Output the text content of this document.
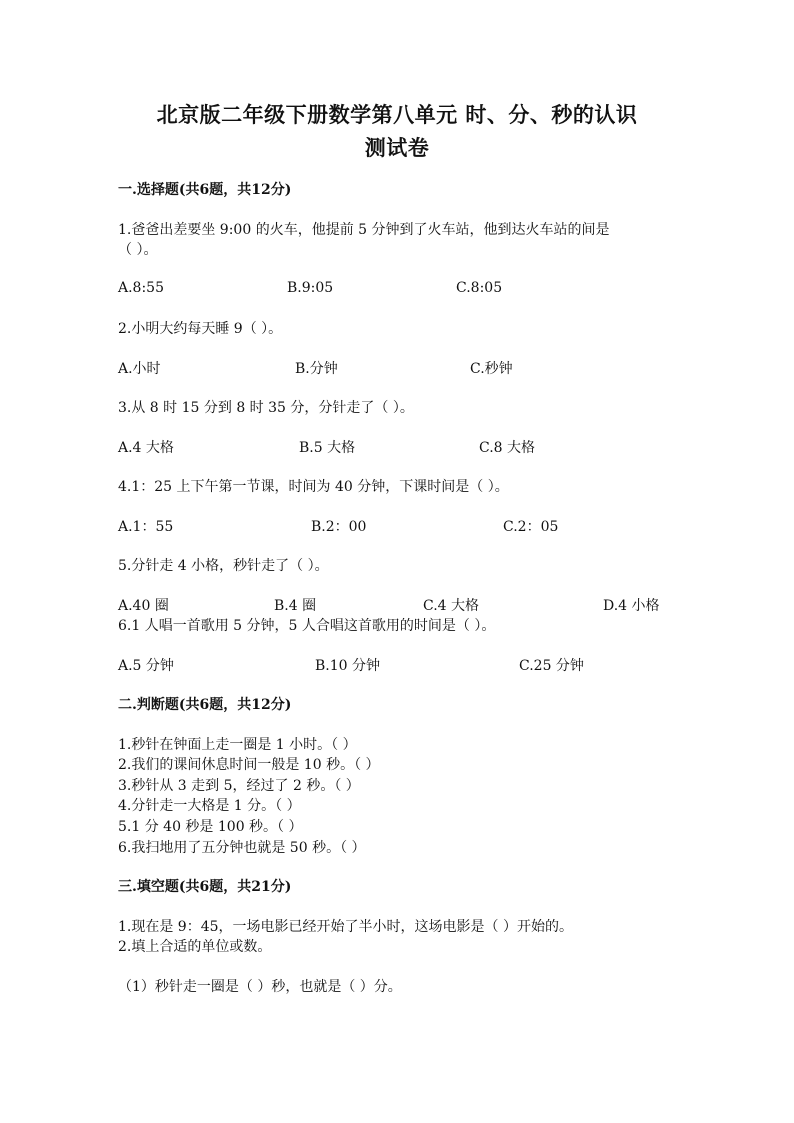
北京版二年级下册数学第八单元 时、分、秒的认识
测试卷
一.选择题(共6题，共12分)
1.爸爸出差要坐 9:00 的火车，他提前 5 分钟到了火车站，他到达火车站的间是
（ ）。
A.8:55	B.9:05	C.8:05
2.小明大约每天睡 9（ ）。
A.小时	B.分钟	C.秒钟
3.从 8 时 15 分到 8 时 35 分，分针走了（ ）。
A.4 大格	B.5 大格	C.8 大格
4.1：25 上下午第一节课，时间为 40 分钟，下课时间是（ ）。
A.1：55	B.2：00	C.2：05
5.分针走 4 小格，秒针走了（ ）。
A.40 圈	B.4 圈	C.4 大格	D.4 小格
6.1 人唱一首歌用 5 分钟，5 人合唱这首歌用的时间是（ ）。
A.5 分钟	B.10 分钟	C.25 分钟
二.判断题(共6题，共12分)
1.秒针在钟面上走一圈是 1 小时。（ ）
2.我们的课间休息时间一般是 10 秒。（ ）
3.秒针从 3 走到 5，经过了 2 秒。（ ）
4.分针走一大格是 1 分。（ ）
5.1 分 40 秒是 100 秒。（ ）
6.我扫地用了五分钟也就是 50 秒。（ ）
三.填空题(共6题，共21分)
1.现在是 9：45，一场电影已经开始了半小时，这场电影是（ ）开始的。
2.填上合适的单位或数。
（1）秒针走一圈是（ ）秒，也就是（ ）分。
